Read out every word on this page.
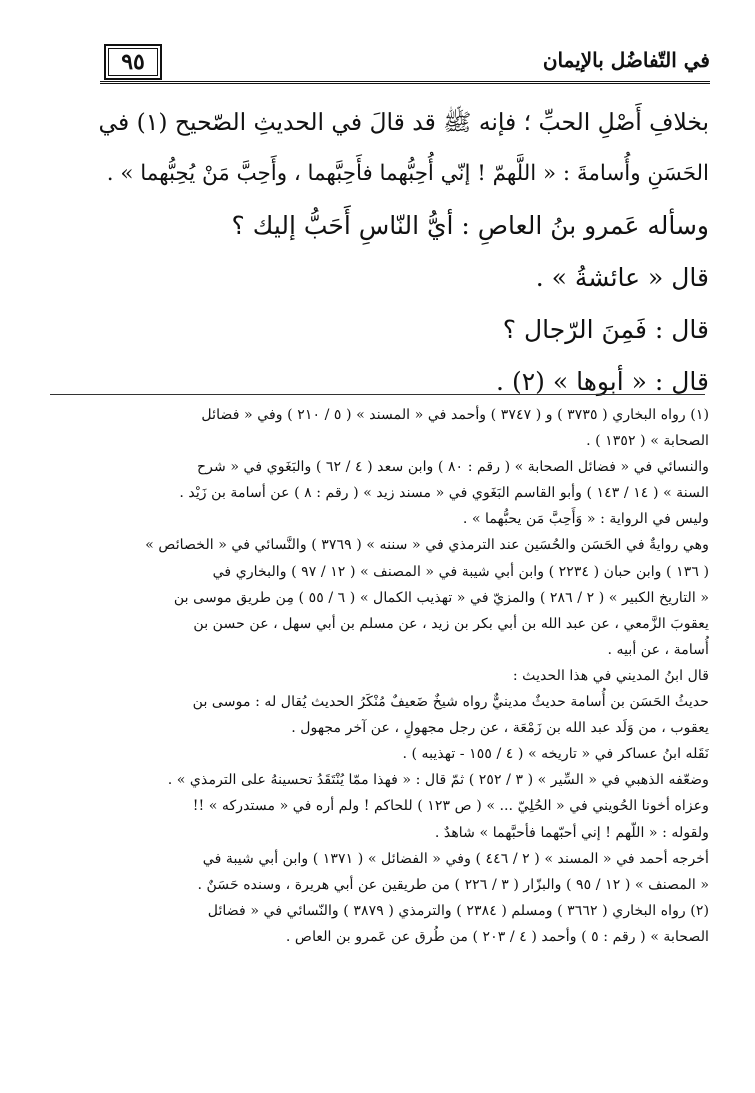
٩٥	في التّفاضُل بالإيمان
بخلافِ أَصْلِ الحبِّ ؛ فإنه ﷺ قد قالَ في الحديثِ الصّحيح (١) في
الحَسَنِ وأُسامةَ : « اللَّهمّ ! إنّي أُحِبُّهما فأَحِبَّهما ، وأَحِبَّ مَنْ يُحِبُّهما » .
وسأله عَمرو بنُ العاصِ : أيُّ النّاسِ أَحَبُّ إليك ؟
قال « عائشةُ » .
قال : فَمِنَ الرّجال ؟
قال : « أبوها » (٢) .
(١) رواه البخاري ( ٣٧٣٥ ) و ( ٣٧٤٧ ) وأحمد في « المسند » ( ٥ / ٢١٠ ) وفي « فضائل
الصحابة » ( ١٣٥٢ ) .
والنسائي في « فضائل الصحابة » ( رقم : ٨٠ ) وابن سعد ( ٤ / ٦٢ ) والبَغَوي في « شرح
السنة » ( ١٤ / ١٤٣ ) وأبو القاسم البَغَوي في « مسند زيد » ( رقم : ٨ ) عن أسامة بن زَيْد .
وليس في الرواية : « وَأَحِبَّ مَن يحبُّهما » .
وهي روايةٌ في الحَسَن والحُسَين عند الترمذي في « سننه » ( ٣٧٦٩ ) والنَّسائي في « الخصائص »
( ١٣٦ ) وابن حبان ( ٢٢٣٤ ) وابن أبي شيبة في « المصنف » ( ١٢ / ٩٧ ) والبخاري في
« التاريخ الكبير » ( ٢ / ٢٨٦ ) والمزيّ في « تهذيب الكمال » ( ٦ / ٥٥ ) مِن طريق موسى بن
يعقوبَ الزَّمعي ، عن عبد الله بن أبي بكر بن زيد ، عن مسلم بن أبي سهل ، عن حسن بن
أُسامة ، عن أبيه .
قال ابنُ المديني في هذا الحديث :
حديثُ الحَسَن بن أُسامة حديثٌ مدينيٌّ رواه شيخٌ ضَعيفٌ مُنْكَرُ الحديث يُقال له : موسى بن
يعقوب ، من وَلَد عبد الله بن زَمْعَة ، عن رجل مجهولٍ ، عن آخر مجهول .
نَقَله ابنُ عساكر في « تاريخه » ( ٤ / ١٥٥ - تهذيبه ) .
وضعّفه الذهبي في « السِّير » ( ٣ / ٢٥٢ ) ثمّ قال : « فهذا ممّا يُنْتَقَدُ تحسينهُ على الترمذي » .
وعزاه أخونا الحُويني في « الحُلِيّ ... » ( ص ١٢٣ ) للحاكم ! ولم أره في « مستدركه » !!
ولقوله : « اللّهم ! إني أحبّهما فأحبَّهما » شاهدٌ .
أخرجه أحمد في « المسند » ( ٢ / ٤٤٦ ) وفي « الفضائل » ( ١٣٧١ ) وابن أبي شيبة في
« المصنف » ( ١٢ / ٩٥ ) والبزّار ( ٣ / ٢٢٦ ) من طريقين عن أبي هريرة ، وسنده حَسَنٌ .
(٢) رواه البخاري ( ٣٦٦٢ ) ومسلم ( ٢٣٨٤ ) والترمذي ( ٣٨٧٩ ) والنّسائي في « فضائل
الصحابة » ( رقم : ٥ ) وأحمد ( ٤ / ٢٠٣ ) من طُرق عن عَمرو بن العاص .
